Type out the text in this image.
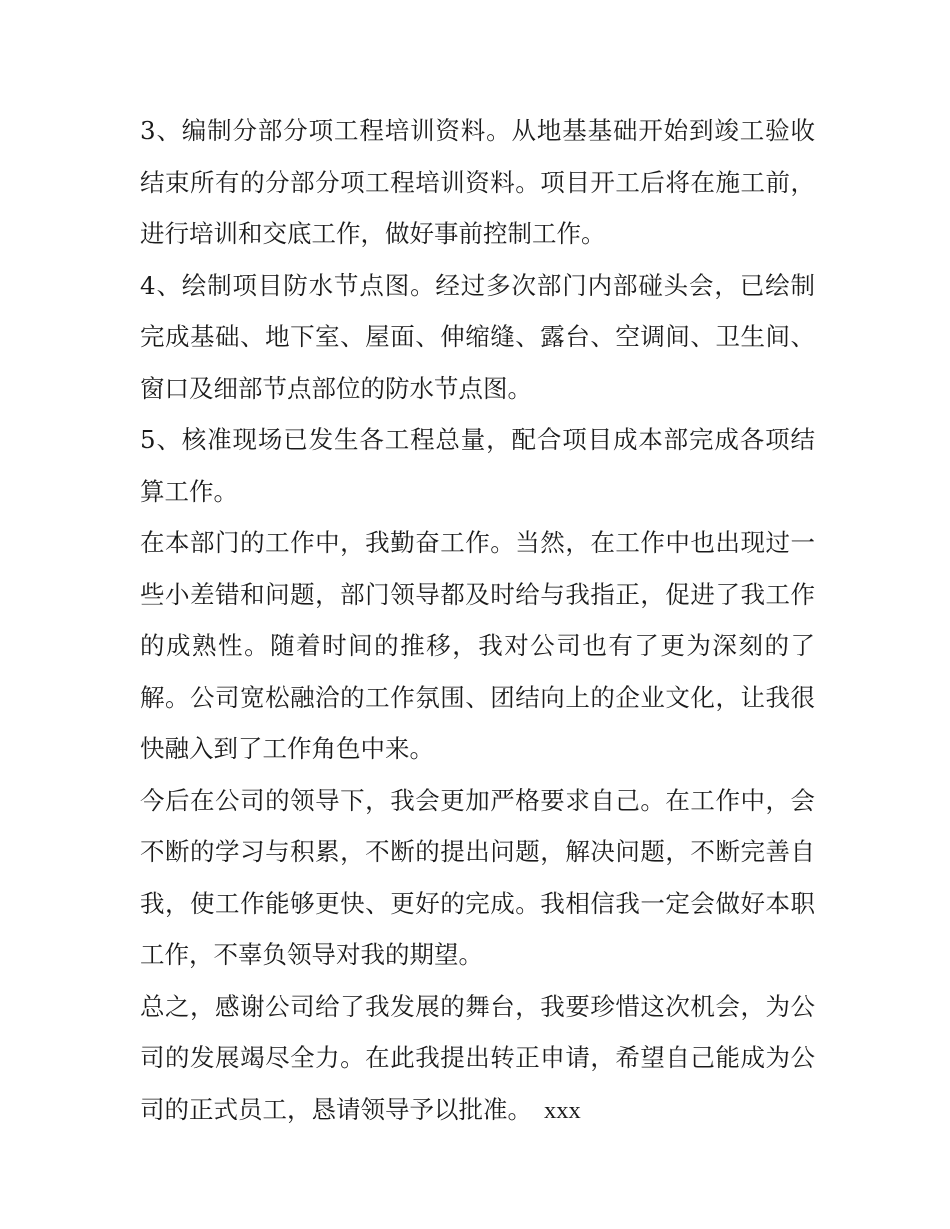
3、编制分部分项工程培训资料。从地基基础开始到竣工验收结束所有的分部分项工程培训资料。项目开工后将在施工前，进行培训和交底工作，做好事前控制工作。

4、绘制项目防水节点图。经过多次部门内部碰头会，已绘制完成基础、地下室、屋面、伸缩缝、露台、空调间、卫生间、窗口及细部节点部位的防水节点图。

5、核准现场已发生各工程总量，配合项目成本部完成各项结算工作。

在本部门的工作中，我勤奋工作。当然，在工作中也出现过一些小差错和问题，部门领导都及时给与我指正，促进了我工作的成熟性。随着时间的推移，我对公司也有了更为深刻的了解。公司宽松融洽的工作氛围、团结向上的企业文化，让我很快融入到了工作角色中来。

今后在公司的领导下，我会更加严格要求自己。在工作中，会不断的学习与积累，不断的提出问题，解决问题，不断完善自我，使工作能够更快、更好的完成。我相信我一定会做好本职工作，不辜负领导对我的期望。

总之，感谢公司给了我发展的舞台，我要珍惜这次机会，为公司的发展竭尽全力。在此我提出转正申请，希望自己能成为公司的正式员工，恳请领导予以批准。 xxx
